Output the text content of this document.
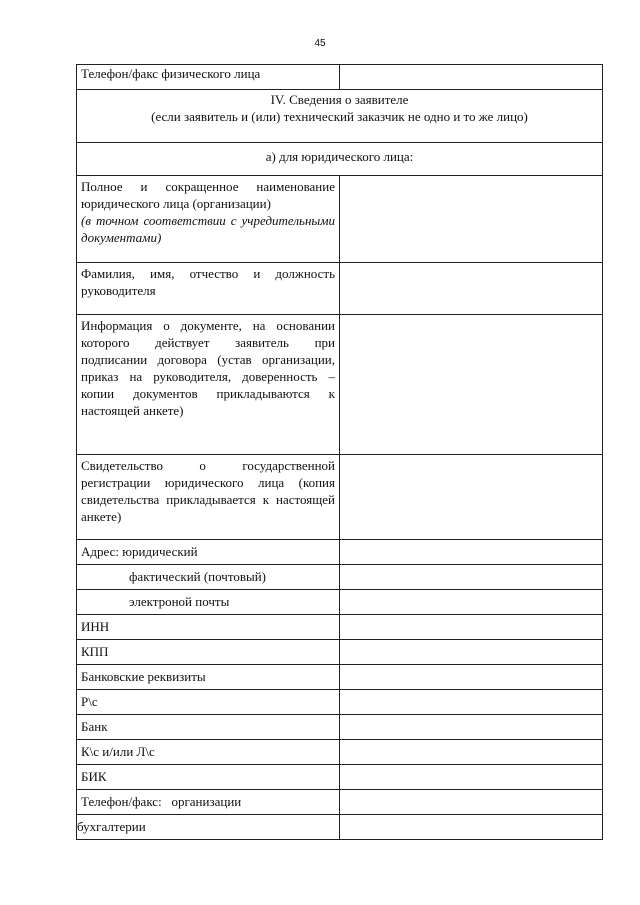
45
Телефон/факс физического лица	

IV. Сведения о заявителе
(если заявитель и (или) технический заказчик не одно и то же лицо)	

а) для юридического лица:	
Полное и сокращенное наименование юридического лица (организации)
(в точном соответствии с учредительными документами)	

Фамилия, имя, отчество и должность руководителя	
Информация о документе, на основании которого действует заявитель при подписании договора (устав организации, приказ на руководителя, доверенность – копии документов прикладываются к настоящей анкете)	
Свидетельство о государственной регистрации юридического лица (копия свидетельства прикладывается к настоящей анкете)	
Адрес: юридический	
фактический (почтовый)	
электроной почты	
ИНН	
КПП	
Банковские реквизиты	
Р\с	
Банк	
К\с и/или Л\с	
БИК	
Телефон/факс:   организации	
бухгалтерии	
